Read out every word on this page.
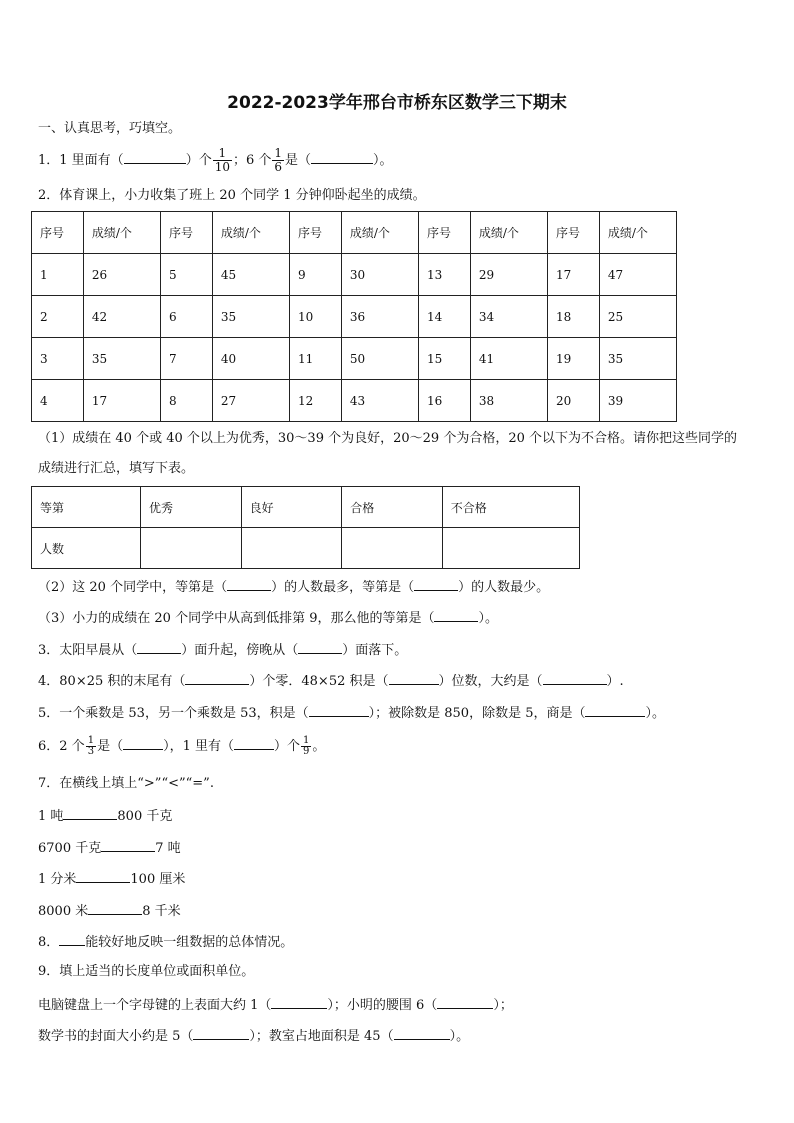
2022-2023学年邢台市桥东区数学三下期末
一、认真思考，巧填空。
1．1 里面有（	）个 $\frac{1}{10}$ ；6 个 $\frac{1}{6}$ 是（	）。
2．体育课上，小力收集了班上 20 个同学 1 分钟仰卧起坐的成绩。
序号	成绩/个	序号	成绩/个	序号	成绩/个	序号	成绩/个	序号	成绩/个
1	26	5	45	9	30	13	29	17	47
2	42	6	35	10	36	14	34	18	25
3	35	7	40	11	50	15	41	19	35
4	17	8	27	12	43	16	38	20	39
（1）成绩在 40 个或 40 个以上为优秀，30～39 个为良好，20～29 个为合格，20 个以下为不合格。请你把这些同学的
成绩进行汇总，填写下表。
等第	优秀	良好	合格	不合格
人数				
（2）这 20 个同学中，等第是（	）的人数最多，等第是（	）的人数最少。
（3）小力的成绩在 20 个同学中从高到低排第 9，那么他的等第是（	）。
3．太阳早晨从（	）面升起，傍晚从（	）面落下。
4．80×25 积的末尾有（	）个零．48×52 积是（	）位数，大约是（	）.
5．一个乘数是 53，另一个乘数是 53，积是（	）；被除数是 850，除数是 5，商是（	）。
6．2 个 $\frac{1}{3}$ 是（	），1 里有（	）个 $\frac{1}{9}$ 。
7．在横线上填上“>”“<”“=”.
1 吨	800 千克
6700 千克	7 吨
1 分米	100 厘米
8000 米	8 千米
8． 能较好地反映一组数据的总体情况。
9．填上适当的长度单位或面积单位。
电脑键盘上一个字母键的上表面大约 1（	）；小明的腰围 6（	）；
数学书的封面大小约是 5（	）；教室占地面积是 45（	）。
